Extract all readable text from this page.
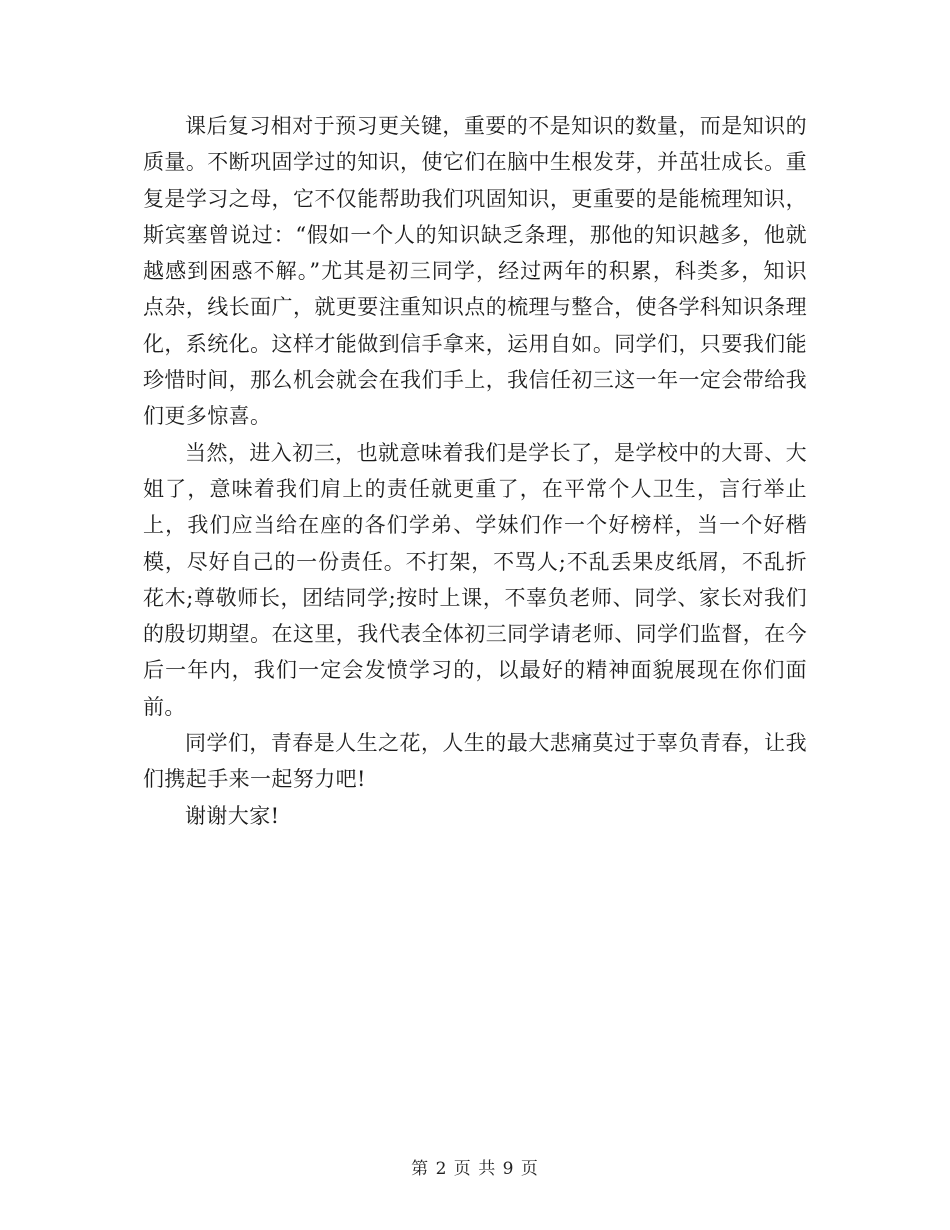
课后复习相对于预习更关键，重要的不是知识的数量，而是知识的质量。不断巩固学过的知识，使它们在脑中生根发芽，并茁壮成长。重复是学习之母，它不仅能帮助我们巩固知识，更重要的是能梳理知识，斯宾塞曾说过：“假如一个人的知识缺乏条理，那他的知识越多，他就越感到困惑不解。”尤其是初三同学，经过两年的积累，科类多，知识点杂，线长面广，就更要注重知识点的梳理与整合，使各学科知识条理化，系统化。这样才能做到信手拿来，运用自如。同学们，只要我们能珍惜时间，那么机会就会在我们手上，我信任初三这一年一定会带给我们更多惊喜。

当然，进入初三，也就意味着我们是学长了，是学校中的大哥、大姐了，意味着我们肩上的责任就更重了，在平常个人卫生，言行举止上，我们应当给在座的各们学弟、学妹们作一个好榜样，当一个好楷模，尽好自己的一份责任。不打架，不骂人;不乱丢果皮纸屑，不乱折花木;尊敬师长，团结同学;按时上课，不辜负老师、同学、家长对我们的殷切期望。在这里，我代表全体初三同学请老师、同学们监督，在今后一年内，我们一定会发愤学习的，以最好的精神面貌展现在你们面前。

同学们，青春是人生之花，人生的最大悲痛莫过于辜负青春，让我们携起手来一起努力吧!

谢谢大家!

第 2 页 共 9 页
